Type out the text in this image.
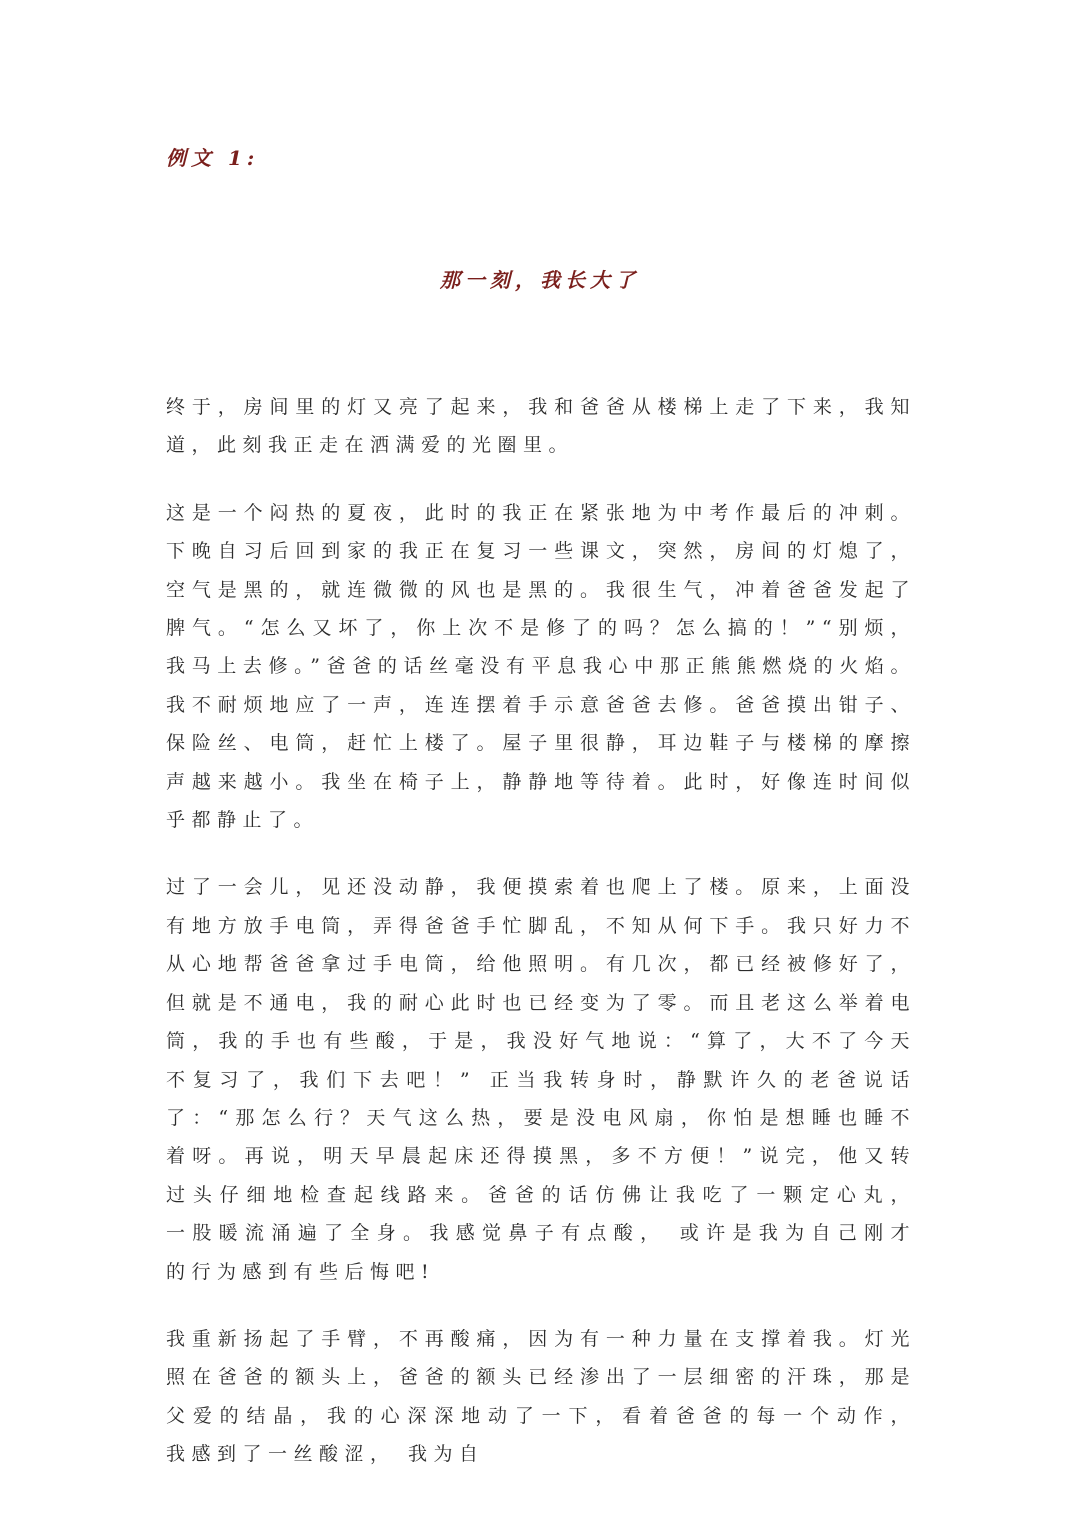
例文 1:
那一刻，我长大了

终于，房间里的灯又亮了起来，我和爸爸从楼梯上走了下来，我知道，此刻我正走在洒满爱的光圈里。

这是一个闷热的夏夜，此时的我正在紧张地为中考作最后的冲刺。下晚自习后回到家的我正在复习一些课文，突然，房间的灯熄了，空气是黑的，就连微微的风也是黑的。我很生气，冲着爸爸发起了脾气。“怎么又坏了，你上次不是修了的吗？怎么搞的！”“别烦，我马上去修。”爸爸的话丝毫没有平息我心中那正熊熊燃烧的火焰。我不耐烦地应了一声，连连摆着手示意爸爸去修。爸爸摸出钳子、保险丝、电筒，赶忙上楼了。屋子里很静，耳边鞋子与楼梯的摩擦声越来越小。我坐在椅子上，静静地等待着。此时，好像连时间似乎都静止了。

过了一会儿，见还没动静，我便摸索着也爬上了楼。原来，上面没有地方放手电筒，弄得爸爸手忙脚乱，不知从何下手。我只好力不从心地帮爸爸拿过手电筒，给他照明。有几次，都已经被修好了，但就是不通电，我的耐心此时也已经变为了零。而且老这么举着电筒，我的手也有些酸，于是，我没好气地说：“算了，大不了今天不复习了，我们下去吧！” 正当我转身时，静默许久的老爸说话了：“那怎么行？天气这么热，要是没电风扇，你怕是想睡也睡不着呀。再说，明天早晨起床还得摸黑，多不方便！”说完，他又转过头仔细地检查起线路来。爸爸的话仿佛让我吃了一颗定心丸， 一股暖流涌遍了全身。我感觉鼻子有点酸， 或许是我为自己刚才的行为感到有些后悔吧!

我重新扬起了手臂，不再酸痛，因为有一种力量在支撑着我。灯光照在爸爸的额头上，爸爸的额头已经渗出了一层细密的汗珠，那是父爱的结晶，我的心深深地动了一下，看着爸爸的每一个动作， 我感到了一丝酸涩， 我为自
